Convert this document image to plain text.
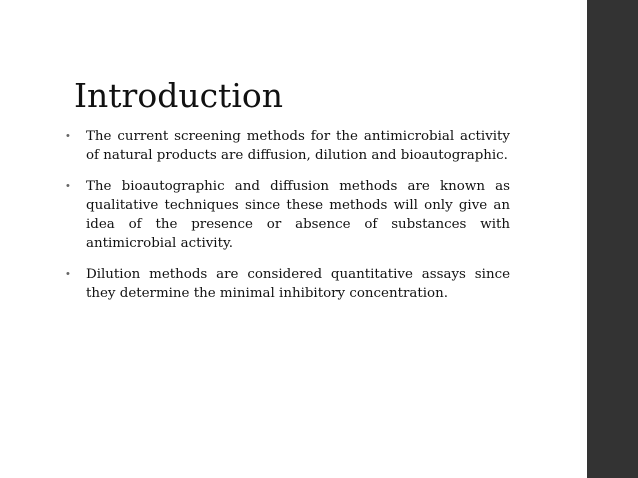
Introduction
• The current screening methods for the antimicrobial activity of natural products are diffusion, dilution and bioautographic.
• The bioautographic and diffusion methods are known as qualitative techniques since these methods will only give an idea of the presence or absence of substances with antimicrobial activity.
• Dilution methods are considered quantitative assays since they determine the minimal inhibitory concentration.
